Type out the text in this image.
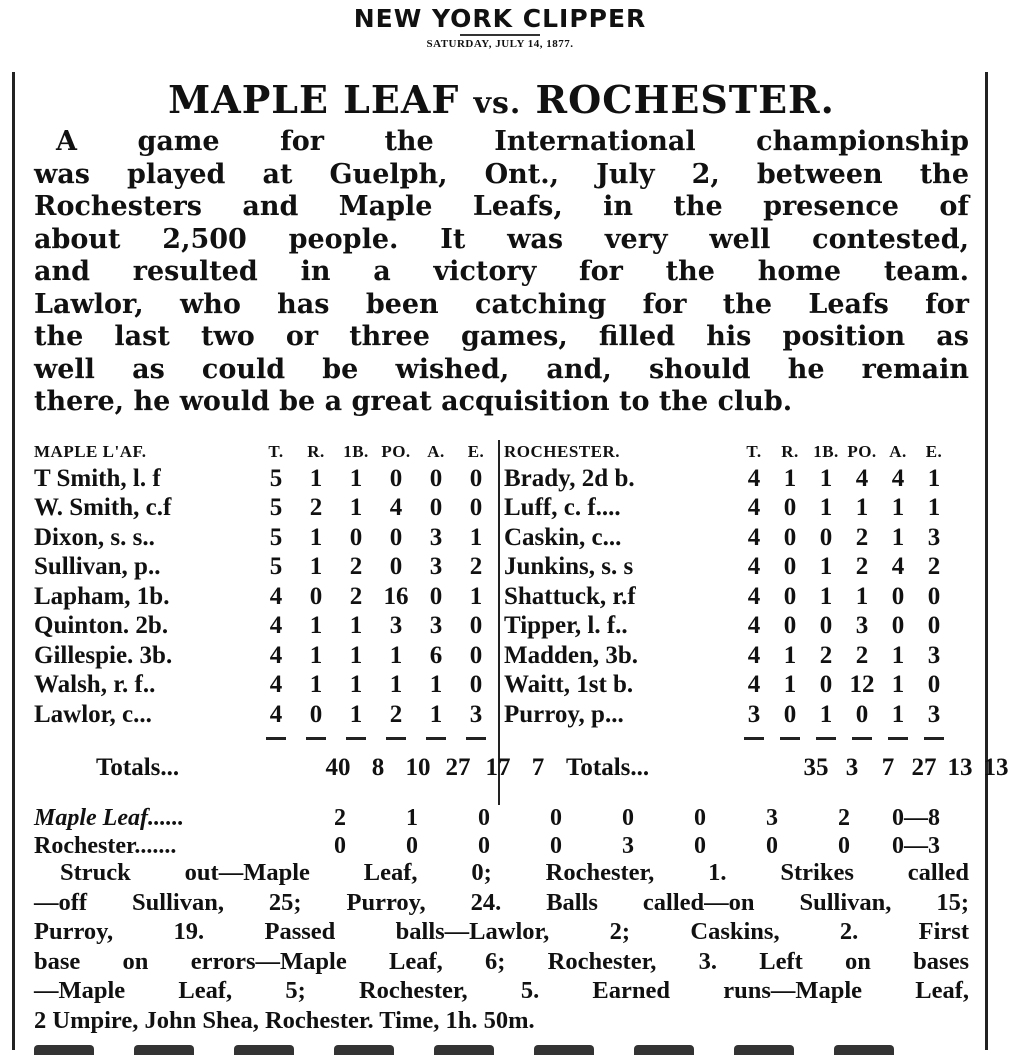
NEW YORK CLIPPER
SATURDAY, JULY 14, 1877.
MAPLE LEAF vs. ROCHESTER.

A game for the International championship
was played at Guelph, Ont., July 2, between the
Rochesters and Maple Leafs, in the presence of
about 2,500 people. It was very well contested,
and resulted in a victory for the home team.
Lawlor, who has been catching for the Leafs for
the last two or three games, filled his position as
well as could be wished, and, should he remain
there, he would be a great acquisition to the club.

MAPLE L'AF.	T.	R.	1B. PO. A.	E.
T Smith, l. f	5	1	1	0	0	0
W. Smith, c.f	5	2	1	4	0	0
Dixon, s. s..	5	1	0	0	3	1
Sullivan, p..	5	1	2	0	3	2
Lapham, 1b.	4	0	2 16 0	1
Quinton. 2b.	4	1	1	3	3	0
Gillespie. 3b.	4	1	1	1	6	0
Walsh, r. f..	4	1	1	1	1	0
Lawlor, c...	4	0	1	2	1	3
Totals...	40 8 10 27 17 7
ROCHESTER.	T.	R. 1B. PO. A.	E.
Brady, 2d b.	4 1 1 4 4 1
Luff, c. f....	4 0 1 1 1 1
Caskin, c...	4 0 0 2 1 3
Junkins, s. s	4 0 1 2 4 2
Shattuck, r.f	4 0 1 1 0 0
Tipper, l. f..	4 0 0 3 0 0
Madden, 3b.	4 1 2 2 1 3
Waitt, 1st b.	4 1 0 12 1 0
Purroy, p...	3 0 1 0 1 3
Totals...	35 3 7 27 13 13
Maple Leaf......	2	1	0	0	0	0	3	2	0—8
Rochester.......	0	0	0	0	3	0	0	0	0—3
Struck out—Maple Leaf, 0; Rochester, 1. Strikes called
—off Sullivan, 25; Purroy, 24. Balls called—on Sullivan, 15;
Purroy, 19. Passed balls—Lawlor, 2; Caskins, 2. First
base on errors—Maple Leaf, 6; Rochester, 3. Left on bases
—Maple Leaf, 5; Rochester, 5. Earned runs—Maple Leaf,
2 Umpire, John Shea, Rochester. Time, 1h. 50m.
